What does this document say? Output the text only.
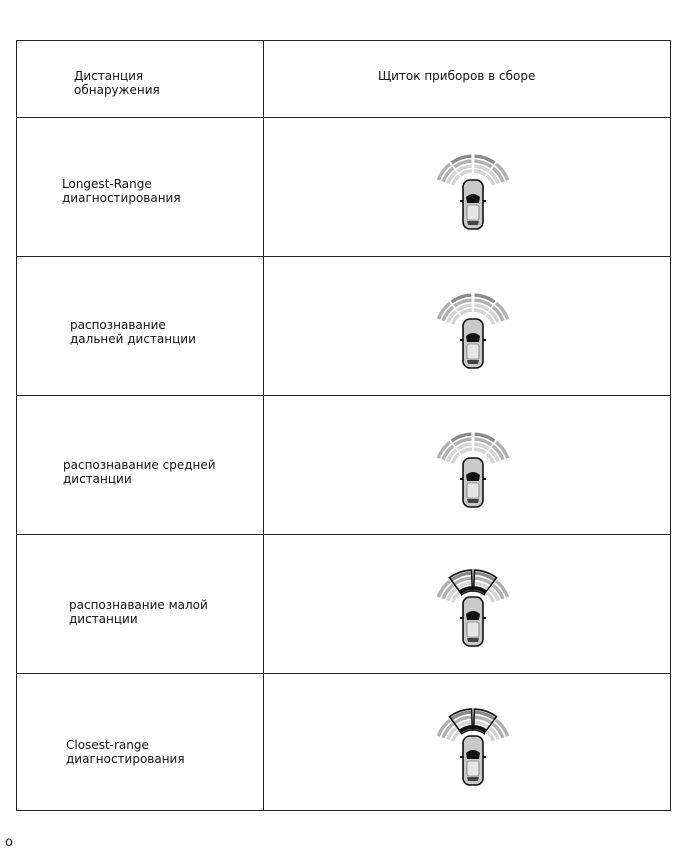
Дистанция
обнаружения
Щиток приборов в сборе
Longest-Range
диагностирования
распознавание
дальней дистанции
распознавание средней
дистанции
распознавание малой
дистанции
Closest-range
диагностирования
o
